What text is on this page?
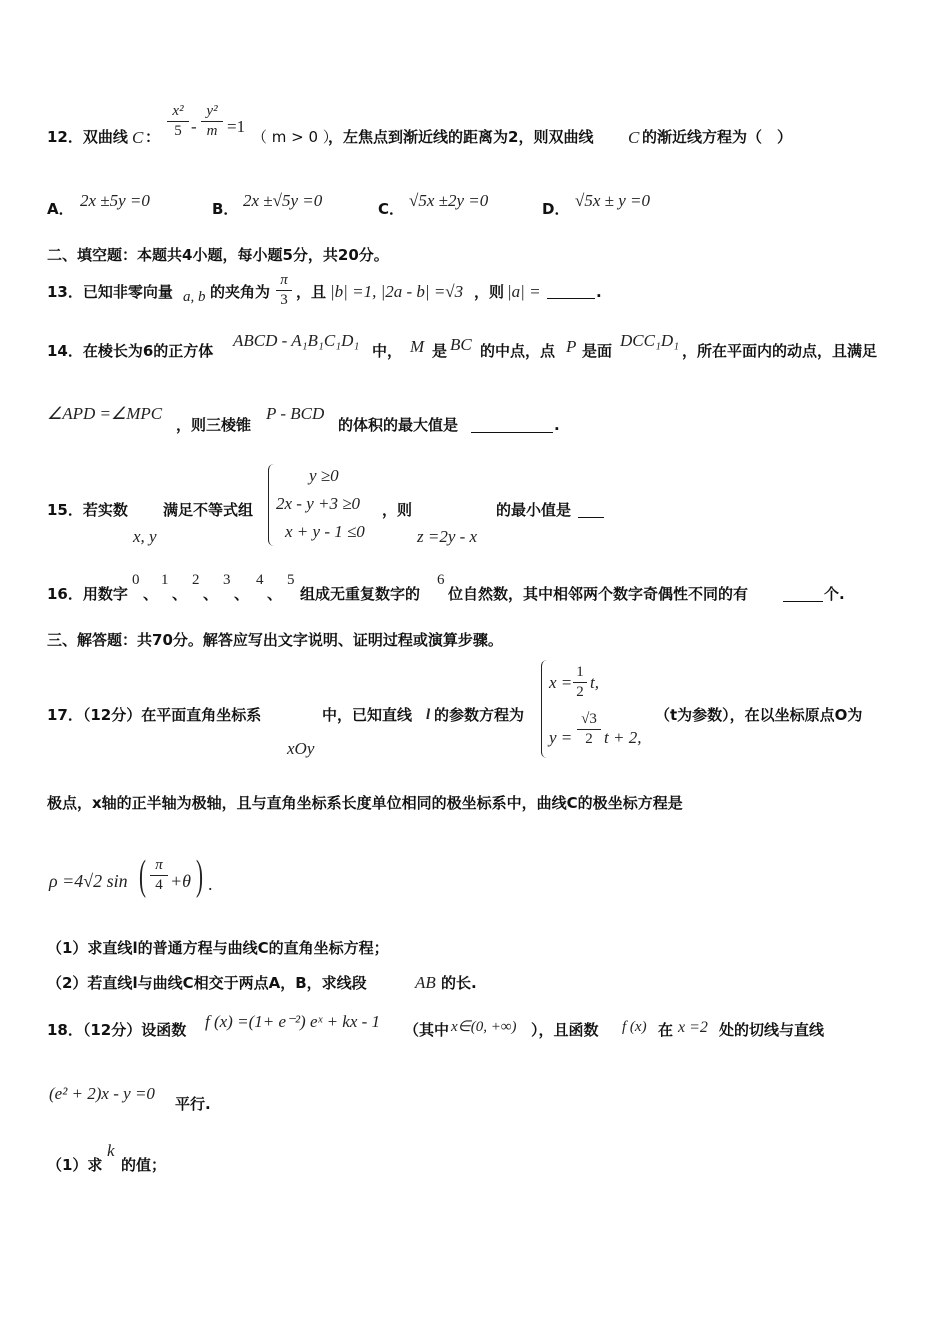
12．双曲线 C ： $\frac{\text{x²}}{5} - \frac{\text{y²}}{m} =1$
（ m > 0 ）
，左焦点到渐近线的距离为2，则双曲线 C 的渐近线方程为（　）
A． 2x ±5y =0	B． 2x ±√5y =0	C． √5x ±2y =0	D． √5x ± y =0
二、填空题：本题共4小题，每小题5分，共20分。
13．已知非零向量 a, b 的夹角为 $\frac{\pi}{3}$ ，且 |b| =1, |2a - b| =√3 ，则 |a| =	.
14．在棱长为6的正方体
ABCD - A₁B₁C₁D₁
中， M 是 BC 的中点，点 P 是面
DCC₁D₁
，所在平面内的动点，且满足
∠APD =∠MPC
，则三棱锥
P - BCD
的体积的最大值是	.
15．若实数
x, y
满足不等式组
y ≥0
2x - y +3 ≥0
x + y - 1 ≤0
，则
z =2y - x
的最小值是
16．用数字
0
、
1
、
2
、
3
、
4
、
5
组成无重复数字的
6
位自然数，其中相邻两个数字奇偶性不同的有	个.
三、解答题：共70分。解答应写出文字说明、证明过程或演算步骤。
17．（12分）在平面直角坐标系
xOy
中，已知直线 l 的参数方程为
$x = \frac{1}{2} t$,
$y = \frac{√3}{2}$ t + 2,
（t为参数），在以坐标原点O为
极点，x轴的正半轴为极轴，且与直角坐标系长度单位相同的极坐标系中，曲线C的极坐标方程是
ρ =4√2 sin ( $\frac{\pi}{4} +\theta$ ) .
（1）求直线l的普通方程与曲线C的直角坐标方程；
（2）若直线l与曲线C相交于两点A，B，求线段	AB 的长.
18．（12分）设函数 f (x) =(1+ e⁻²) eˣ + kx - 1 （其中 x∈(0, +∞) ），且函数 f (x) 在 x =2 处的切线与直线
(e² + 2)x - y =0
平行.
（1）求
k
的值；
